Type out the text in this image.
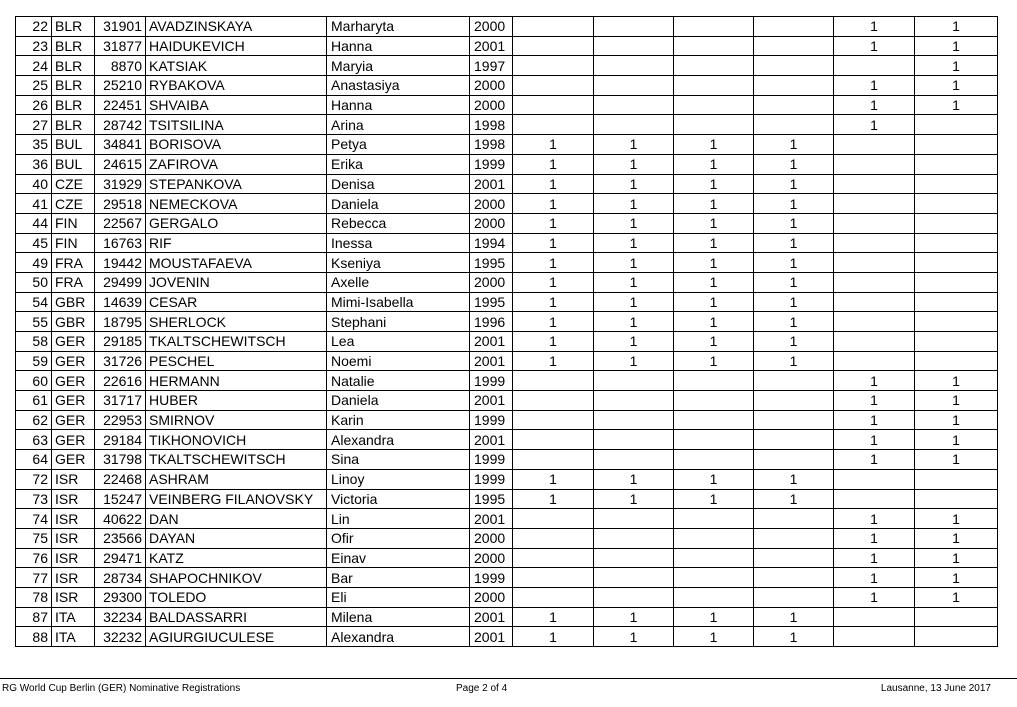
22	BLR	31901	AVADZINSKAYA	Marharyta	2000					1	1
23	BLR	31877	HAIDUKEVICH	Hanna	2001					1	1
24	BLR	8870	KATSIAK	Maryia	1997						1
25	BLR	25210	RYBAKOVA	Anastasiya	2000					1	1
26	BLR	22451	SHVAIBA	Hanna	2000					1	1
27	BLR	28742	TSITSILINA	Arina	1998					1	
35	BUL	34841	BORISOVA	Petya	1998	1	1	1	1		
36	BUL	24615	ZAFIROVA	Erika	1999	1	1	1	1		
40	CZE	31929	STEPANKOVA	Denisa	2001	1	1	1	1		
41	CZE	29518	NEMECKOVA	Daniela	2000	1	1	1	1		
44	FIN	22567	GERGALO	Rebecca	2000	1	1	1	1		
45	FIN	16763	RIF	Inessa	1994	1	1	1	1		
49	FRA	19442	MOUSTAFAEVA	Kseniya	1995	1	1	1	1		
50	FRA	29499	JOVENIN	Axelle	2000	1	1	1	1		
54	GBR	14639	CESAR	Mimi-Isabella	1995	1	1	1	1		
55	GBR	18795	SHERLOCK	Stephani	1996	1	1	1	1		
58	GER	29185	TKALTSCHEWITSCH	Lea	2001	1	1	1	1		
59	GER	31726	PESCHEL	Noemi	2001	1	1	1	1		
60	GER	22616	HERMANN	Natalie	1999					1	1
61	GER	31717	HUBER	Daniela	2001					1	1
62	GER	22953	SMIRNOV	Karin	1999					1	1
63	GER	29184	TIKHONOVICH	Alexandra	2001					1	1
64	GER	31798	TKALTSCHEWITSCH	Sina	1999					1	1
72	ISR	22468	ASHRAM	Linoy	1999	1	1	1	1		
73	ISR	15247	VEINBERG FILANOVSKY	Victoria	1995	1	1	1	1		
74	ISR	40622	DAN	Lin	2001					1	1
75	ISR	23566	DAYAN	Ofir	2000					1	1
76	ISR	29471	KATZ	Einav	2000					1	1
77	ISR	28734	SHAPOCHNIKOV	Bar	1999					1	1
78	ISR	29300	TOLEDO	Eli	2000					1	1
87	ITA	32234	BALDASSARRI	Milena	2001	1	1	1	1		
88	ITA	32232	AGIURGIUCULESE	Alexandra	2001	1	1	1	1		
RG World Cup Berlin (GER) Nominative Registrations	Page 2 of 4	Lausanne, 13 June 2017
